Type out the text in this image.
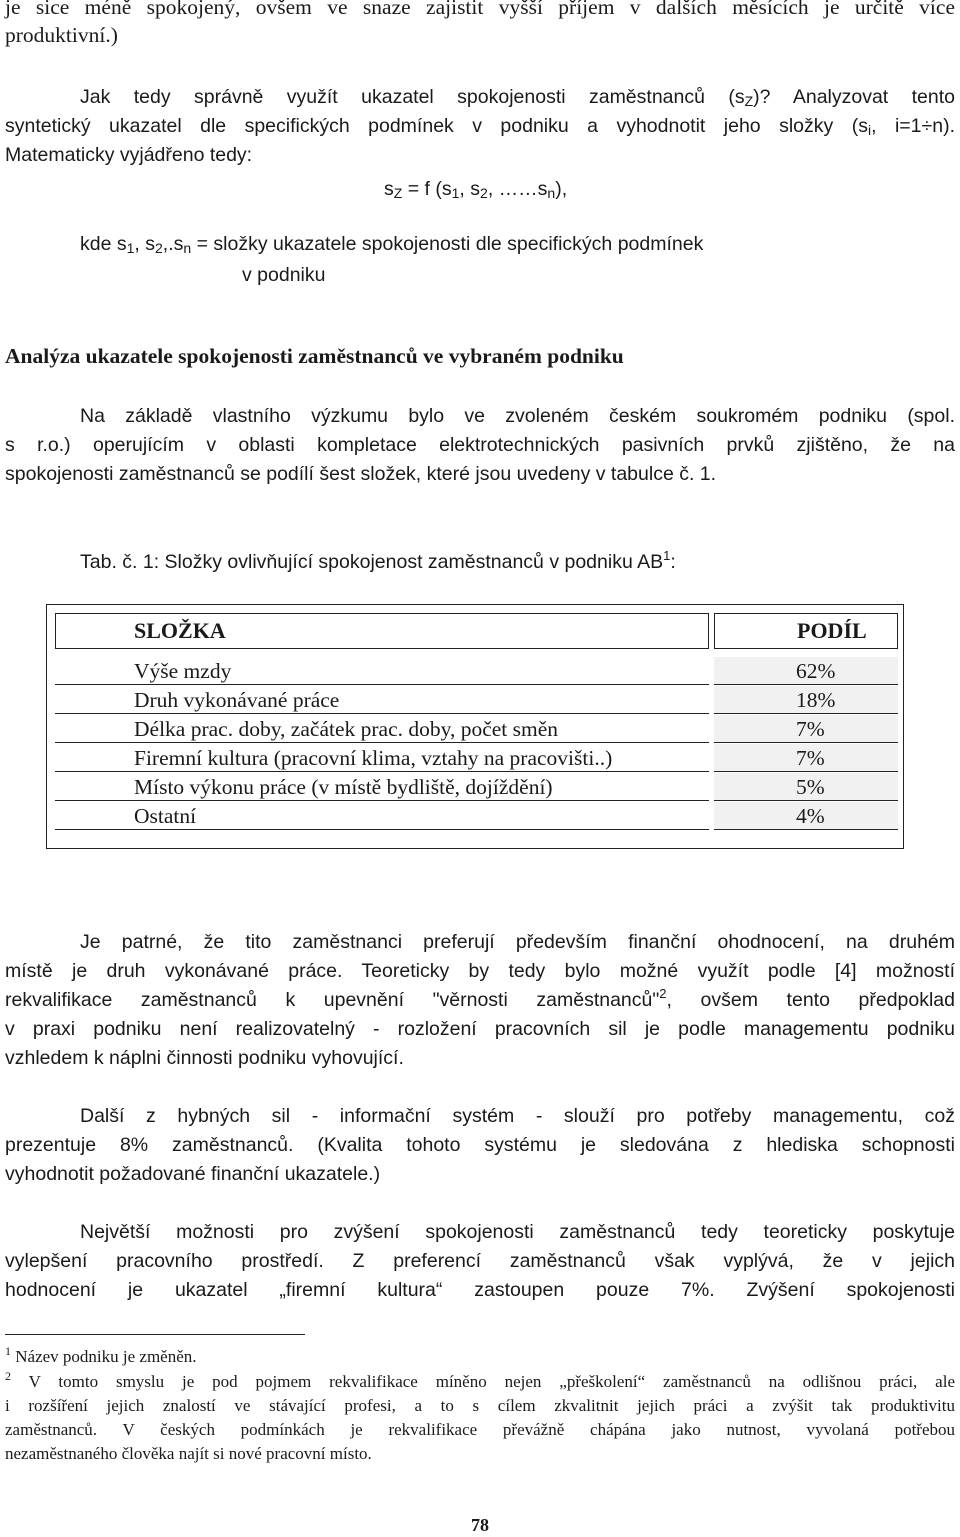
je sice méně spokojený, ovšem ve snaze zajistit vyšší příjem v dalších měsících je určitě více
produktivní.)
Jak tedy správně využít ukazatel spokojenosti zaměstnanců $(s_Z)$? Analyzovat tento
syntetický ukazatel dle specifických podmínek v podniku a vyhodnotit jeho složky ($s_i$, i=1÷n).
Matematicky vyjádřeno tedy:
$s_Z = f$ ($s_1$, $s_2$, $\dots\dots s_n$),
kde $s_1$, $s_2,.s_n$ = složky ukazatele spokojenosti dle specifických podmínek
v podniku
Analýza ukazatele spokojenosti zaměstnanců ve vybraném podniku
Na základě vlastního výzkumu bylo ve zvoleném českém soukromém podniku (spol.
s r.o.) operujícím v oblasti kompletace elektrotechnických pasivních prvků zjištěno, že na
spokojenosti zaměstnanců se podílí šest složek, které jsou uvedeny v tabulce č. 1.
Tab. č. 1: Složky ovlivňující spokojenost zaměstnanců v podniku $AB^1$:
SLOŽKA	PODÍL
Výše mzdy	62%
Druh vykonávané práce	18%
Délka prac. doby, začátek prac. doby, počet směn	7%
Firemní kultura (pracovní klima, vztahy na pracovišti..)	7%
Místo výkonu práce (v místě bydliště, dojíždění)	5%
Ostatní	4%
Je patrné, že tito zaměstnanci preferují především finanční ohodnocení, na druhém
místě je druh vykonávané práce. Teoreticky by tedy bylo možné využít podle [4] možností
rekvalifikace zaměstnanců k upevnění "věrnosti zaměstnanců"$^2$, ovšem tento předpoklad
v praxi podniku není realizovatelný - rozložení pracovních sil je podle managementu podniku
vzhledem k náplni činnosti podniku vyhovující.
Další z hybných sil - informační systém - slouží pro potřeby managementu, což
prezentuje 8% zaměstnanců. (Kvalita tohoto systému je sledována z hlediska schopnosti
vyhodnotit požadované finanční ukazatele.)
Největší možnosti pro zvýšení spokojenosti zaměstnanců tedy teoreticky poskytuje
vylepšení pracovního prostředí. Z preferencí zaměstnanců však vyplývá, že v jejich
hodnocení je ukazatel „firemní kultura“ zastoupen pouze 7%. Zvýšení spokojenosti
$^1$ Název podniku je změněn.
$^2$ V tomto smyslu je pod pojmem rekvalifikace míněno nejen „přeškolení“ zaměstnanců na odlišnou práci, ale
i rozšíření jejich znalostí ve stávající profesi, a to s cílem zkvalitnit jejich práci a zvýšit tak produktivitu
zaměstnanců. V českých podmínkách je rekvalifikace převážně chápána jako nutnost, vyvolaná potřebou
nezaměstnaného člověka najít si nové pracovní místo.
78
